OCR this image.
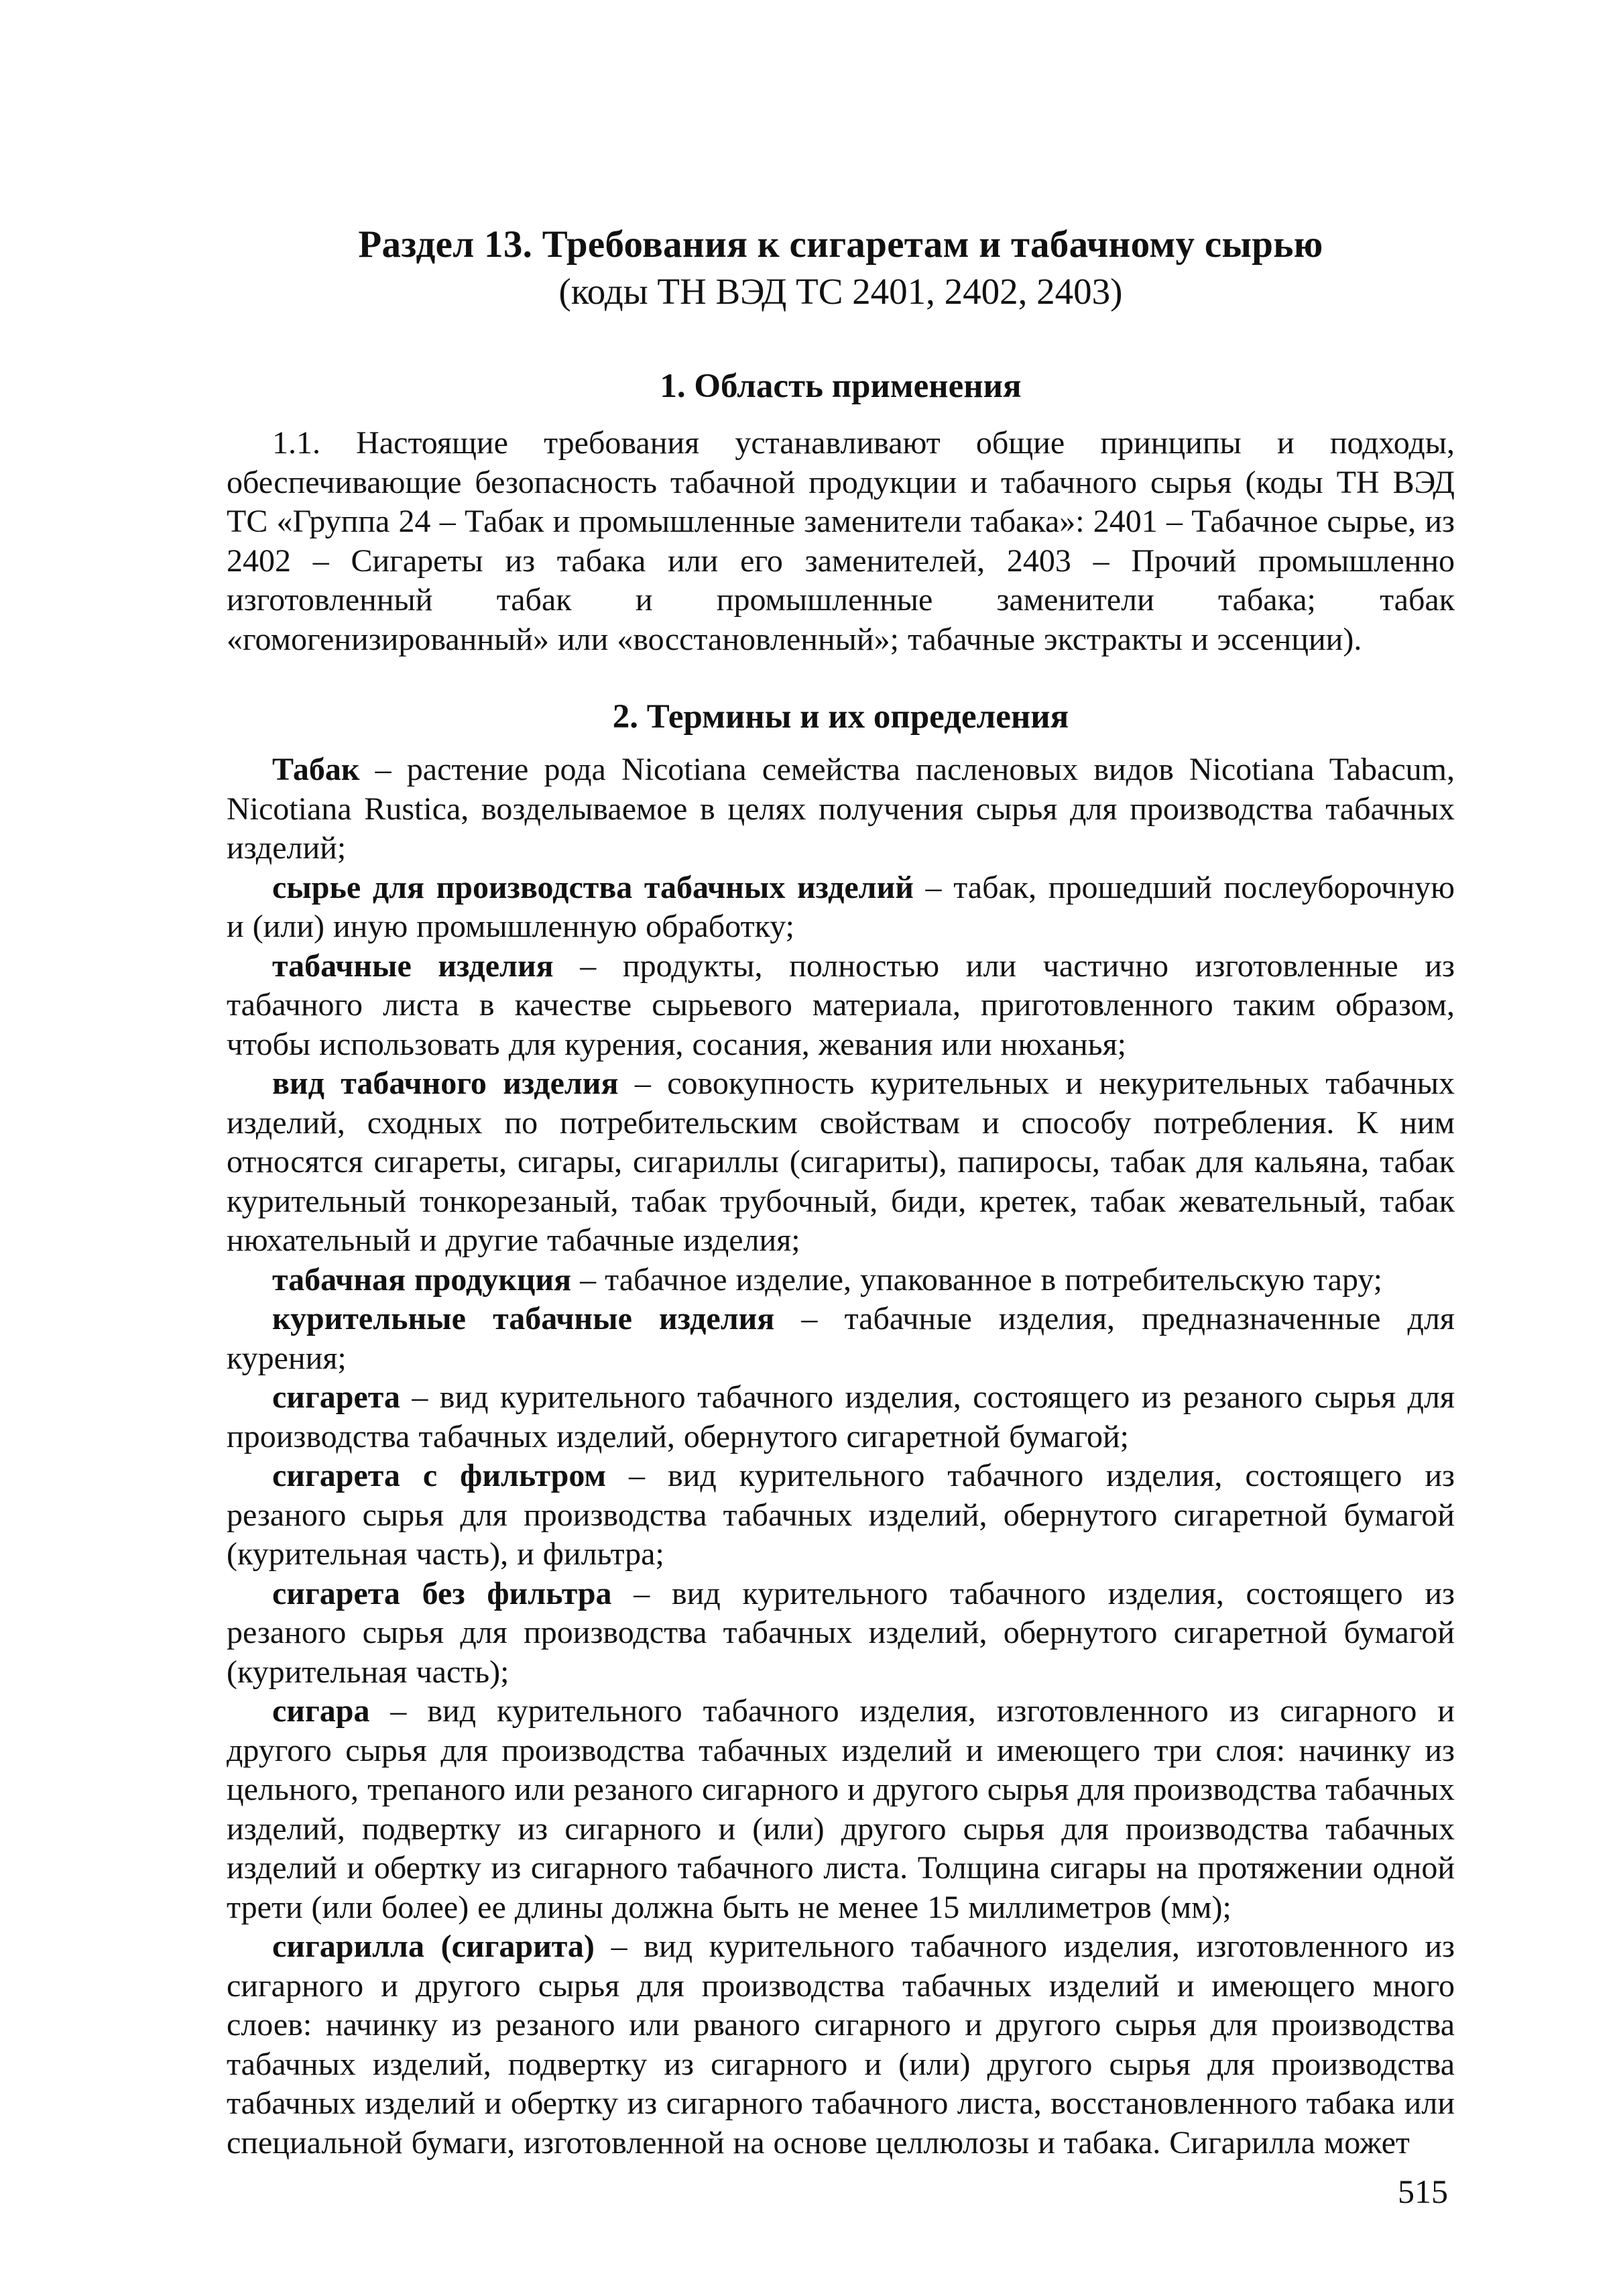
Раздел 13. Требования к сигаретам и табачному сырью

(коды ТН ВЭД ТС 2401, 2402, 2403)

1. Область применения

1.1. Настоящие требования устанавливают общие принципы и подходы, обеспечивающие безопасность табачной продукции и табачного сырья (коды ТН ВЭД ТС «Группа 24 – Табак и промышленные заменители табака»: 2401 – Табачное сырье, из 2402 – Сигареты из табака или его заменителей, 2403 – Прочий промышленно изготовленный табак и промышленные заменители табака; табак «гомогенизированный» или «восстановленный»; табачные экстракты и эссенции).

2. Термины и их определения

Табак – растение рода Nicotiana семейства пасленовых видов Nicotiana Tabacum, Nicotiana Rustica, возделываемое в целях получения сырья для производства табачных изделий;

сырье для производства табачных изделий – табак, прошедший послеуборочную и (или) иную промышленную обработку;

табачные изделия – продукты, полностью или частично изготовленные из табачного листа в качестве сырьевого материала, приготовленного таким образом, чтобы использовать для курения, сосания, жевания или нюханья;

вид табачного изделия – совокупность курительных и некурительных табачных изделий, сходных по потребительским свойствам и способу потребления. К ним относятся сигареты, сигары, сигариллы (сигариты), папиросы, табак для кальяна, табак курительный тонкорезаный, табак трубочный, биди, кретек, табак жевательный, табак нюхательный и другие табачные изделия;

табачная продукция – табачное изделие, упакованное в потребительскую тару;

курительные табачные изделия – табачные изделия, предназначенные для курения;

сигарета – вид курительного табачного изделия, состоящего из резаного сырья для производства табачных изделий, обернутого сигаретной бумагой;

сигарета с фильтром – вид курительного табачного изделия, состоящего из резаного сырья для производства табачных изделий, обернутого сигаретной бумагой (курительная часть), и фильтра;

сигарета без фильтра – вид курительного табачного изделия, состоящего из резаного сырья для производства табачных изделий, обернутого сигаретной бумагой (курительная часть);

сигара – вид курительного табачного изделия, изготовленного из сигарного и другого сырья для производства табачных изделий и имеющего три слоя: начинку из цельного, трепаного или резаного сигарного и другого сырья для производства табачных изделий, подвертку из сигарного и (или) другого сырья для производства табачных изделий и обертку из сигарного табачного листа. Толщина сигары на протяжении одной трети (или более) ее длины должна быть не менее 15 миллиметров (мм);

сигарилла (сигарита) – вид курительного табачного изделия, изготовленного из сигарного и другого сырья для производства табачных изделий и имеющего много слоев: начинку из резаного или рваного сигарного и другого сырья для производства табачных изделий, подвертку из сигарного и (или) другого сырья для производства табачных изделий и обертку из сигарного табачного листа, восстановленного табака или специальной бумаги, изготовленной на основе целлюлозы и табака. Сигарилла может

515
